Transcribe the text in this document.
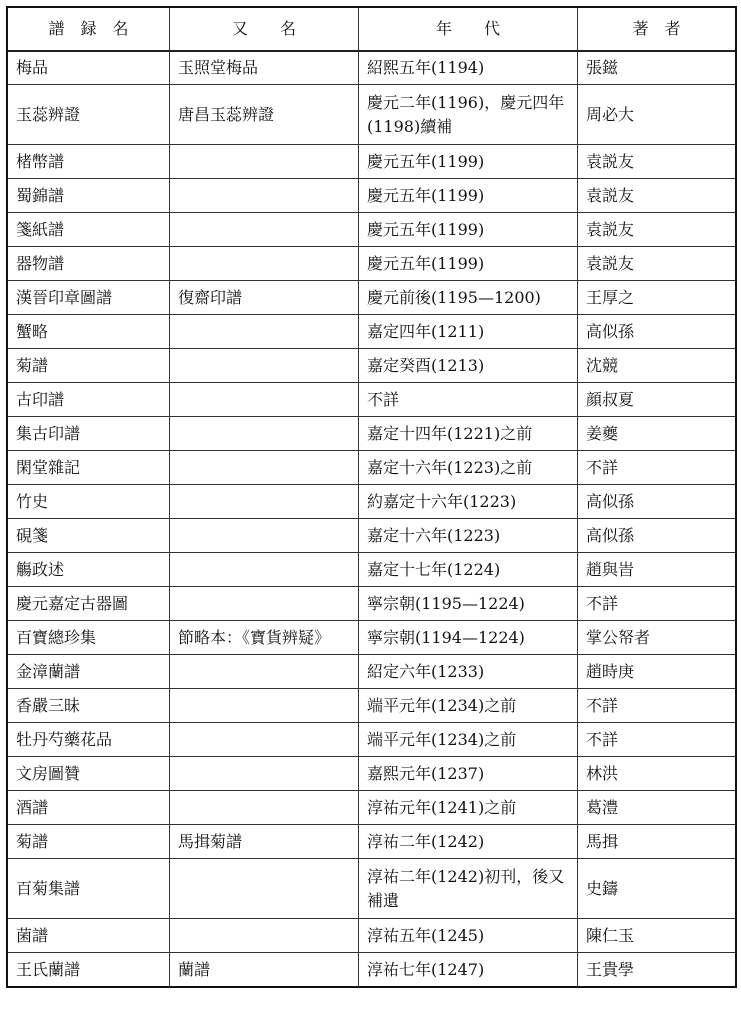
譜　録　名	又　　名	年　　代	著　者
梅品	玉照堂梅品	紹熙五年(1194)	張鎡
玉蕊辨證	唐昌玉蕊辨證	慶元二年(1196)，慶元四年(1198)續補	周必大
楮幣譜		慶元五年(1199)	袁説友
蜀錦譜		慶元五年(1199)	袁説友
箋紙譜		慶元五年(1199)	袁説友
器物譜		慶元五年(1199)	袁説友
漢晉印章圖譜	復齋印譜	慶元前後(1195—1200)	王厚之
蟹略		嘉定四年(1211)	高似孫
菊譜		嘉定癸酉(1213)	沈競
古印譜		不詳	顔叔夏
集古印譜		嘉定十四年(1221)之前	姜夔
閑堂雜記		嘉定十六年(1223)之前	不詳
竹史		約嘉定十六年(1223)	高似孫
硯箋		嘉定十六年(1223)	高似孫
觴政述		嘉定十七年(1224)	趙與旹
慶元嘉定古器圖		寧宗朝(1195—1224)	不詳
百寶總珍集	節略本：《寶貨辨疑》	寧宗朝(1194—1224)	掌公帑者
金漳蘭譜		紹定六年(1233)	趙時庚
香嚴三昧		端平元年(1234)之前	不詳
牡丹芍藥花品		端平元年(1234)之前	不詳
文房圖贊		嘉熙元年(1237)	林洪
酒譜		淳祐元年(1241)之前	葛澧
菊譜	馬揖菊譜	淳祐二年(1242)	馬揖
百菊集譜		淳祐二年(1242)初刊，後又補遺	史鑄
菌譜		淳祐五年(1245)	陳仁玉
王氏蘭譜	蘭譜	淳祐七年(1247)	王貴學
